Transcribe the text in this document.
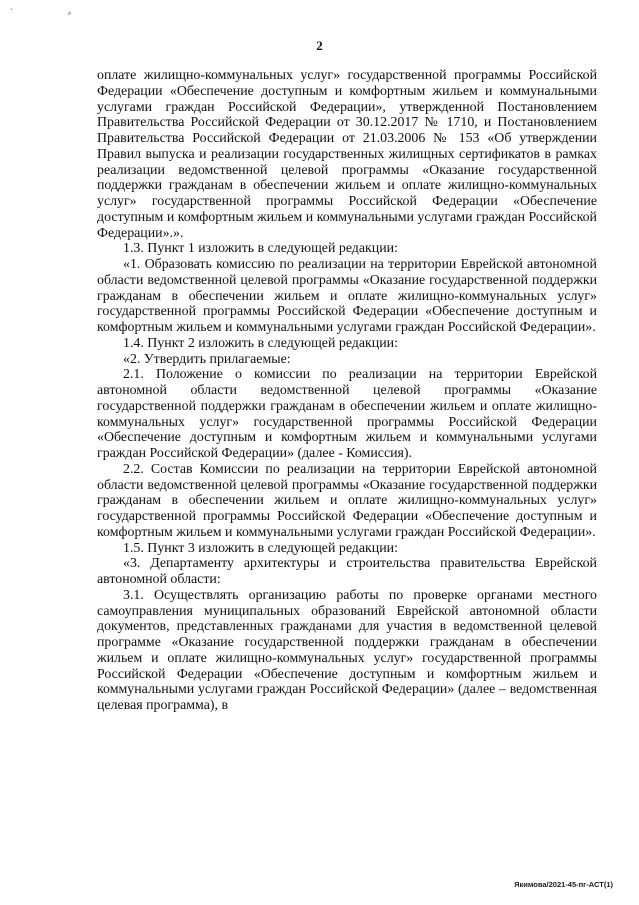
` ⸗
2

оплате жилищно-коммунальных услуг» государственной программы Российской Федерации «Обеспечение доступным и комфортным жильем и коммунальными услугами граждан Российской Федерации», утвержденной Постановлением Правительства Российской Федерации от 30.12.2017 № 1710, и Постановлением Правительства Российской Федерации от 21.03.2006 № 153 «Об утверждении Правил выпуска и реализации государственных жилищных сертификатов в рамках реализации ведомственной целевой программы «Оказание государственной поддержки гражданам в обеспечении жильем и оплате жилищно-коммунальных услуг» государственной программы Российской Федерации «Обеспечение доступным и комфортным жильем и коммунальными услугами граждан Российской Федерации».».

1.3. Пункт 1 изложить в следующей редакции:

«1. Образовать комиссию по реализации на территории Еврейской автономной области ведомственной целевой программы «Оказание государственной поддержки гражданам в обеспечении жильем и оплате жилищно-коммунальных услуг» государственной программы Российской Федерации «Обеспечение доступным и комфортным жильем и коммунальными услугами граждан Российской Федерации».

1.4. Пункт 2 изложить в следующей редакции:

«2. Утвердить прилагаемые:

2.1. Положение о комиссии по реализации на территории Еврейской автономной области ведомственной целевой программы «Оказание государственной поддержки гражданам в обеспечении жильем и оплате жилищно-коммунальных услуг» государственной программы Российской Федерации «Обеспечение доступным и комфортным жильем и коммунальными услугами граждан Российской Федерации» (далее - Комиссия).

2.2. Состав Комиссии по реализации на территории Еврейской автономной области ведомственной целевой программы «Оказание государственной поддержки гражданам в обеспечении жильем и оплате жилищно-коммунальных услуг» государственной программы Российской Федерации «Обеспечение доступным и комфортным жильем и коммунальными услугами граждан Российской Федерации».

1.5. Пункт 3 изложить в следующей редакции:

«3. Департаменту архитектуры и строительства правительства Еврейской автономной области:

3.1. Осуществлять организацию работы по проверке органами местного самоуправления муниципальных образований Еврейской автономной области документов, представленных гражданами для участия в ведомственной целевой программе «Оказание государственной поддержки гражданам в обеспечении жильем и оплате жилищно-коммунальных услуг» государственной программы Российской Федерации «Обеспечение доступным и комфортным жильем и коммунальными услугами граждан Российской Федерации» (далее – ведомственная целевая программа), в

Якимова/2021-45-пг-АСТ(1)
